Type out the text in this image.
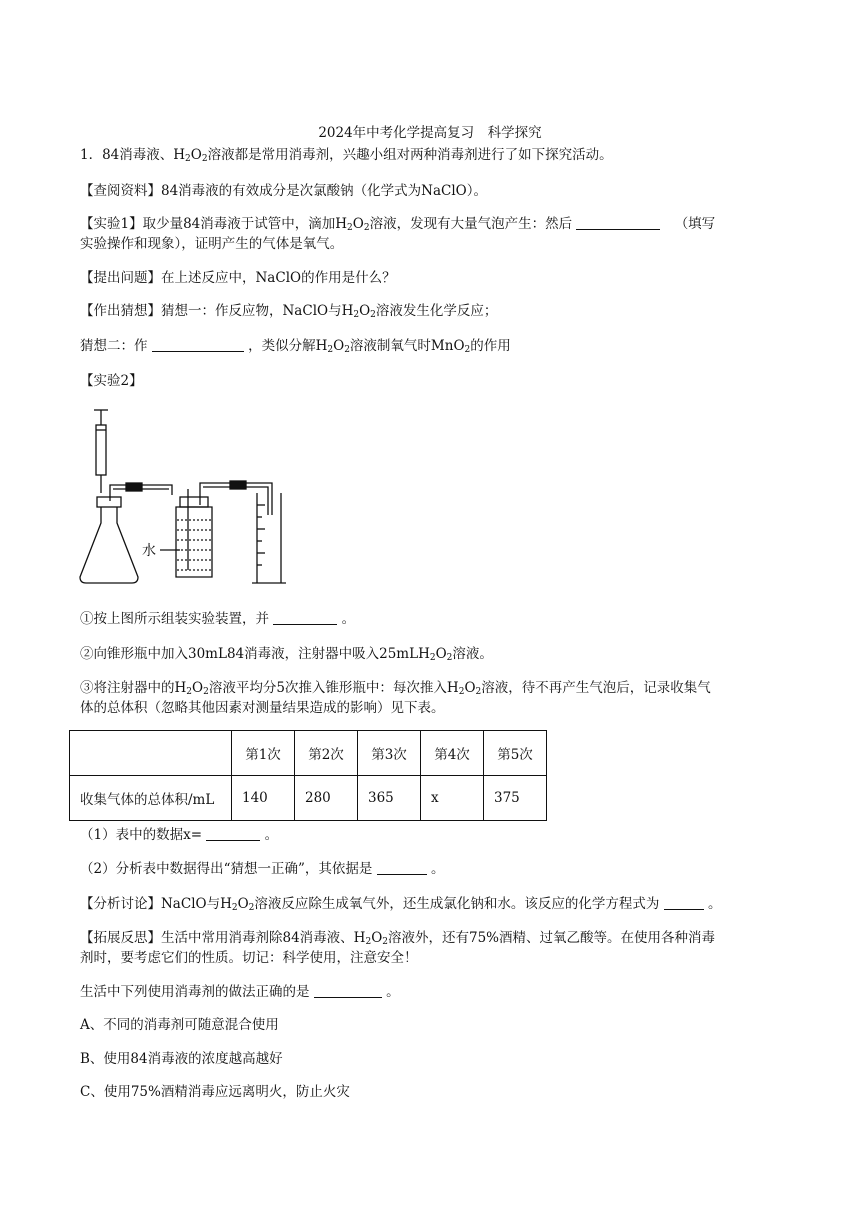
2024年中考化学提高复习　科学探究
1．84消毒液、$H_2O_2$溶液都是常用消毒剂，兴趣小组对两种消毒剂进行了如下探究活动。
【查阅资料】84消毒液的有效成分是次氯酸钠（化学式为NaClO）。
【实验1】取少量84消毒液于试管中，滴加$H_2O_2$溶液，发现有大量气泡产生：然后	（填写
实验操作和现象），证明产生的气体是氧气。
【提出问题】在上述反应中，NaClO的作用是什么？
【作出猜想】猜想一：作反应物，NaClO与$H_2O_2$溶液发生化学反应；
猜想二：作	，类似分解$H_2O_2$溶液制氧气时MnO$_2$的作用
【实验2】
水
①按上图所示组装实验装置，并	。
②向锥形瓶中加入30mL84消毒液，注射器中吸入$25mLH_2O_2$溶液。
③将注射器中的$H_2O_2$溶液平均分5次推入锥形瓶中：每次推入$H_2O_2$溶液，待不再产生气泡后，记录收集气
体的总体积（忽略其他因素对测量结果造成的影响）见下表。
	第1次	第2次	第3次	第4次	第5次
收集气体的总体积/mL	140	280	365	x	375
（1）表中的数据x=	。
（2）分析表中数据得出“猜想一正确”，其依据是	。
【分析讨论】NaClO与$H_2O_2$溶液反应除生成氧气外，还生成氯化钠和水。该反应的化学方程式为	。
【拓展反思】生活中常用消毒剂除84消毒液、$H_2O_2$溶液外，还有75%酒精、过氧乙酸等。在使用各种消毒
剂时，要考虑它们的性质。切记：科学使用，注意安全！
生活中下列使用消毒剂的做法正确的是	。
A、不同的消毒剂可随意混合使用
B、使用84消毒液的浓度越高越好
C、使用75%酒精消毒应远离明火，防止火灾
